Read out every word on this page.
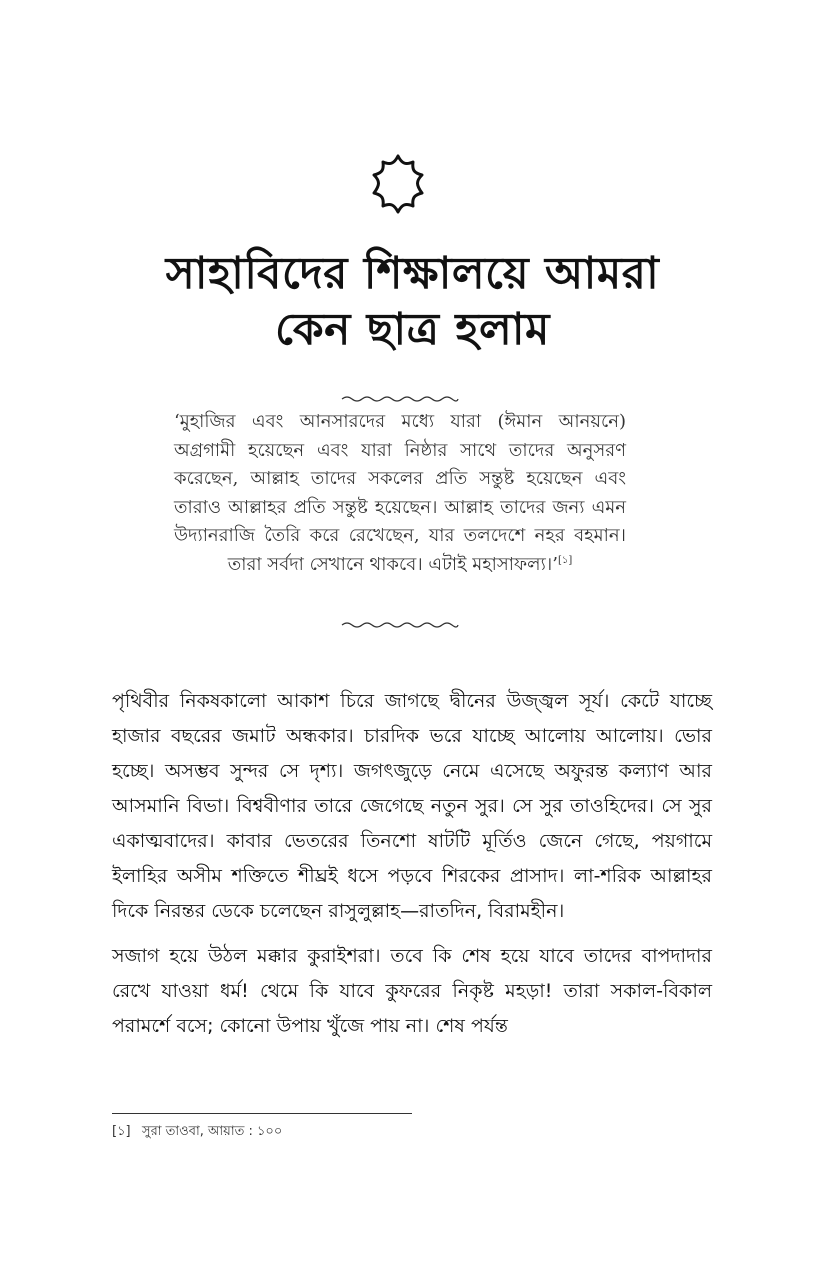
সাহাবিদের শিক্ষালয়ে আমরা
কেন ছাত্র হলাম

‘মুহাজির এবং আনসারদের মধ্যে যারা (ঈমান আনয়নে) অগ্রগামী হয়েছেন এবং যারা নিষ্ঠার সাথে তাদের অনুসরণ করেছেন, আল্লাহ তাদের সকলের প্রতি সন্তুষ্ট হয়েছেন এবং তারাও আল্লাহর প্রতি সন্তুষ্ট হয়েছেন। আল্লাহ তাদের জন্য এমন উদ্যানরাজি তৈরি করে রেখেছেন, যার তলদেশে নহর বহমান। তারা সর্বদা সেখানে থাকবে। এটাই মহাসাফল্য।’[১]

পৃথিবীর নিকষকালো আকাশ চিরে জাগছে দ্বীনের উজ্জ্বল সূর্য। কেটে যাচ্ছে হাজার বছরের জমাট অন্ধকার। চারদিক ভরে যাচ্ছে আলোয় আলোয়। ভোর হচ্ছে। অসম্ভব সুন্দর সে দৃশ্য। জগৎজুড়ে নেমে এসেছে অফুরন্ত কল্যাণ আর আসমানি বিভা। বিশ্ববীণার তারে জেগেছে নতুন সুর। সে সুর তাওহিদের। সে সুর একাত্মবাদের। কাবার ভেতরের তিনশো ষাটটি মূর্তিও জেনে গেছে, পয়গামে ইলাহির অসীম শক্তিতে শীঘ্রই ধসে পড়বে শিরকের প্রাসাদ। লা-শরিক আল্লাহর দিকে নিরন্তর ডেকে চলেছেন রাসুলুল্লাহ—রাতদিন, বিরামহীন।

সজাগ হয়ে উঠল মক্কার কুরাইশরা। তবে কি শেষ হয়ে যাবে তাদের বাপদাদার রেখে যাওয়া ধর্ম! থেমে কি যাবে কুফরের নিকৃষ্ট মহড়া! তারা সকাল-বিকাল পরামর্শে বসে; কোনো উপায় খুঁজে পায় না। শেষ পর্যন্ত

[১] সুরা তাওবা, আয়াত : ১০০
